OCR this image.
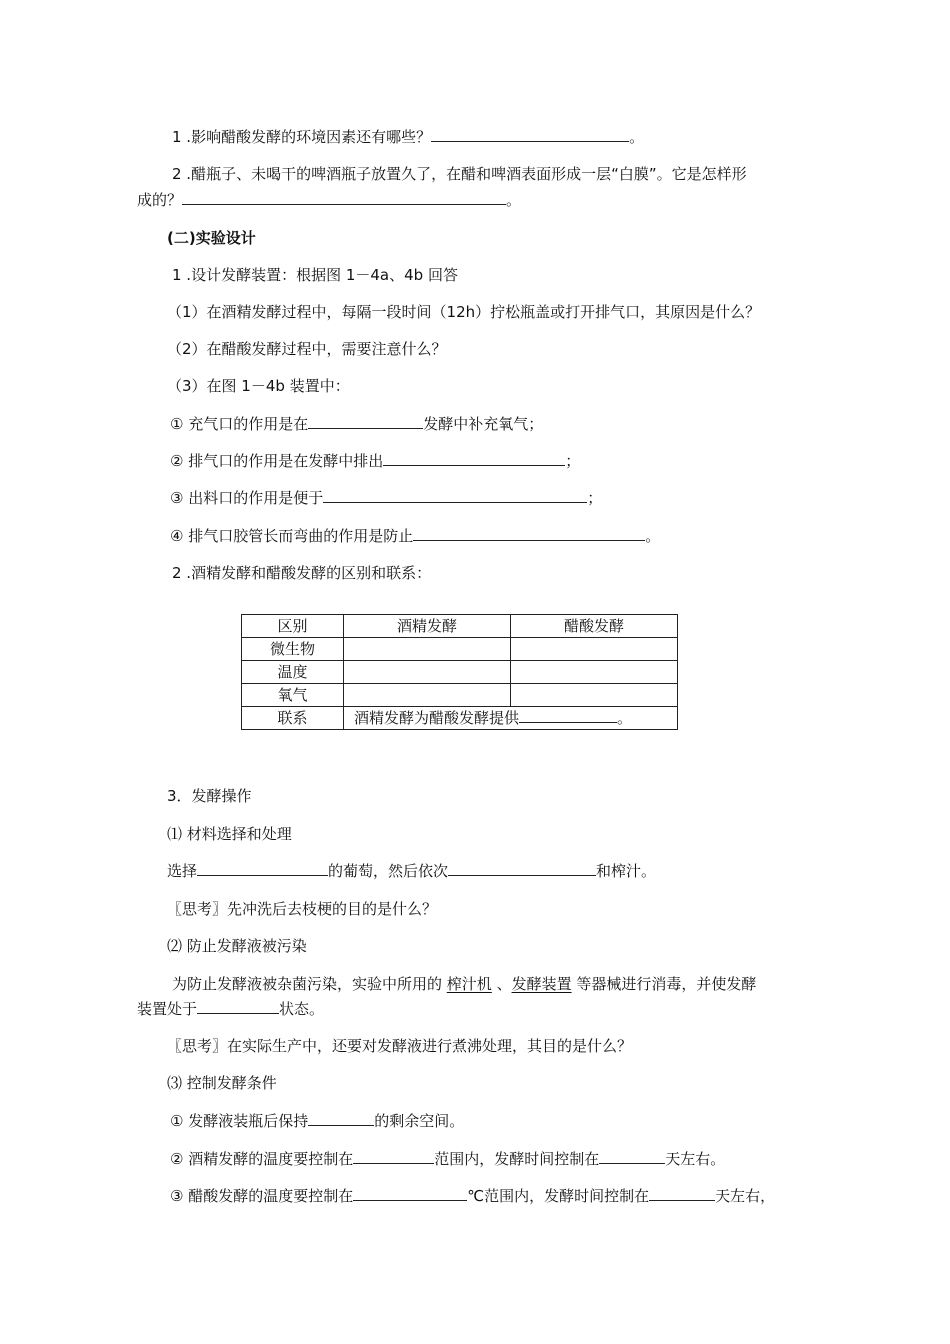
1 .影响醋酸发酵的环境因素还有哪些？	。
2 .醋瓶子、未喝干的啤酒瓶子放置久了，在醋和啤酒表面形成一层“白膜”。它是怎样形
成的？	。
(二)实验设计
1 .设计发酵装置：根据图 1－4a、4b 回答
（1）在酒精发酵过程中，每隔一段时间（12h）拧松瓶盖或打开排气口，其原因是什么？
（2）在醋酸发酵过程中，需要注意什么？
（3）在图 1－4b 装置中：
① 充气口的作用是在	发酵中补充氧气；
② 排气口的作用是在发酵中排出	；
③ 出料口的作用是便于	；
④ 排气口胶管长而弯曲的作用是防止	。
2 .酒精发酵和醋酸发酵的区别和联系：
区别	酒精发酵	醋酸发酵
微生物		
温度		
氧气		
联系	酒精发酵为醋酸发酵提供 。	
3．发酵操作
⑴ 材料选择和处理
选择	的葡萄，然后依次	和榨汁。
〖思考〗先冲洗后去枝梗的目的是什么？
⑵ 防止发酵液被污染
为防止发酵液被杂菌污染，实验中所用的 榨汁机 、发酵装置 等器械进行消毒，并使发酵
装置处于	状态。
〖思考〗在实际生产中，还要对发酵液进行煮沸处理，其目的是什么？
⑶ 控制发酵条件
① 发酵液装瓶后保持	的剩余空间。
② 酒精发酵的温度要控制在	范围内，发酵时间控制在	天左右。
③ 醋酸发酵的温度要控制在	℃范围内，发酵时间控制在	天左右，
